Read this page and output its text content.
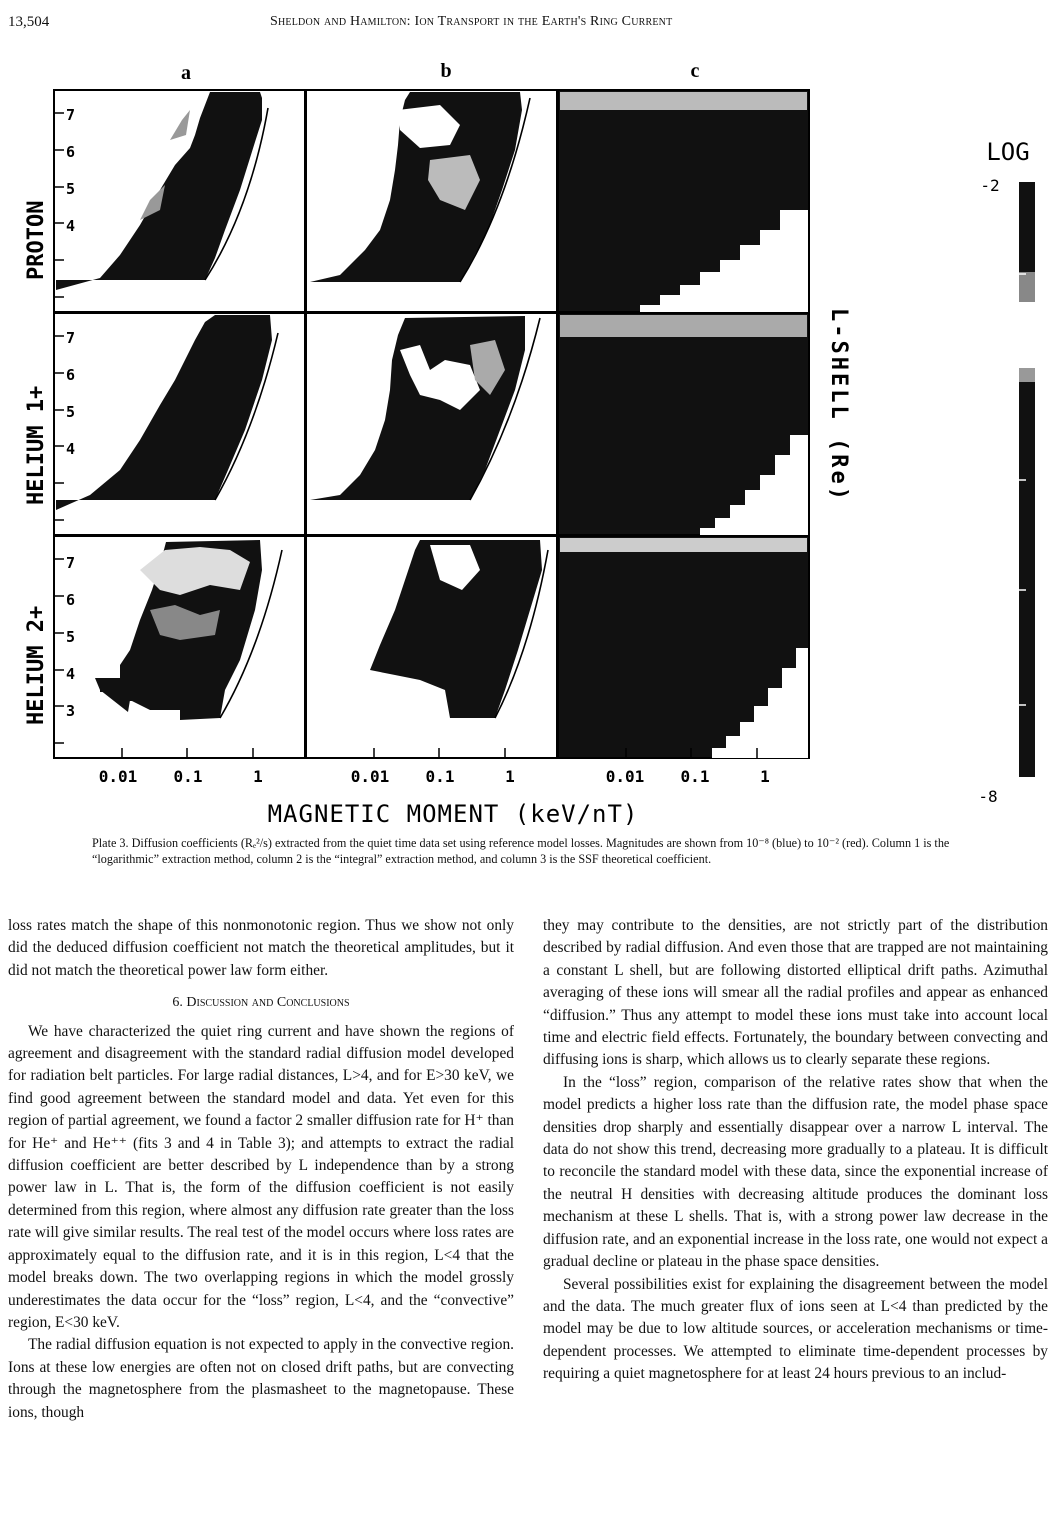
13,504	Sheldon and Hamilton: Ion Transport in the Earth's Ring Current
a	b	c
7
6
5
4
7
6
5
4
7
6
5
4
3
PROTON
HELIUM 1+
HELIUM 2+
0.01 0.1	1	0.01 0.1	1	0.01 0.1	1
MAGNETIC MOMENT (keV/nT)
L-SHELL (Re)
LOG
-2
-8
Plate 3. Diffusion coefficients (Rₑ²/s) extracted from the quiet time data set using reference model losses. Magnitudes are shown from 10⁻⁸ (blue) to 10⁻² (red). Column 1 is the “logarithmic” extraction method, column 2 is the “integral” extraction method, and column 3 is the SSF theoretical coefficient.

loss rates match the shape of this nonmonotonic region. Thus we show not only did the deduced diffusion coefficient not match the theoretical amplitudes, but it did not match the theoretical power law form either.

6. Discussion and Conclusions

We have characterized the quiet ring current and have shown the regions of agreement and disagreement with the standard radial diffusion model developed for radiation belt particles. For large radial distances, L>4, and for E>30 keV, we find good agreement between the standard model and data. Yet even for this region of partial agreement, we found a factor 2 smaller diffusion rate for H⁺ than for He⁺ and He⁺⁺ (fits 3 and 4 in Table 3); and attempts to extract the radial diffusion coefficient are better described by L independence than by a strong power law in L. That is, the form of the diffusion coefficient is not easily determined from this region, where almost any diffusion rate greater than the loss rate will give similar results. The real test of the model occurs where loss rates are approximately equal to the diffusion rate, and it is in this region, L<4 that the model breaks down. The two overlapping regions in which the model grossly underestimates the data occur for the “loss” region, L<4, and the “convective” region, E<30 keV.

The radial diffusion equation is not expected to apply in the convective region. Ions at these low energies are often not on closed drift paths, but are convecting through the magnetosphere from the plasmasheet to the magnetopause. These ions, though

they may contribute to the densities, are not strictly part of the distribution described by radial diffusion. And even those that are trapped are not maintaining a constant L shell, but are following distorted elliptical drift paths. Azimuthal averaging of these ions will smear all the radial profiles and appear as enhanced “diffusion.” Thus any attempt to model these ions must take into account local time and electric field effects. Fortunately, the boundary between convecting and diffusing ions is sharp, which allows us to clearly separate these regions.

In the “loss” region, comparison of the relative rates show that when the model predicts a higher loss rate than the diffusion rate, the model phase space densities drop sharply and essentially disappear over a narrow L interval. The data do not show this trend, decreasing more gradually to a plateau. It is difficult to reconcile the standard model with these data, since the exponential increase of the neutral H densities with decreasing altitude produces the dominant loss mechanism at these L shells. That is, with a strong power law decrease in the diffusion rate, and an exponential increase in the loss rate, one would not expect a gradual decline or plateau in the phase space densities.

Several possibilities exist for explaining the disagreement between the model and the data. The much greater flux of ions seen at L<4 than predicted by the model may be due to low altitude sources, or acceleration mechanisms or time-dependent processes. We attempted to eliminate time-dependent processes by requiring a quiet magnetosphere for at least 24 hours previous to an includ-
